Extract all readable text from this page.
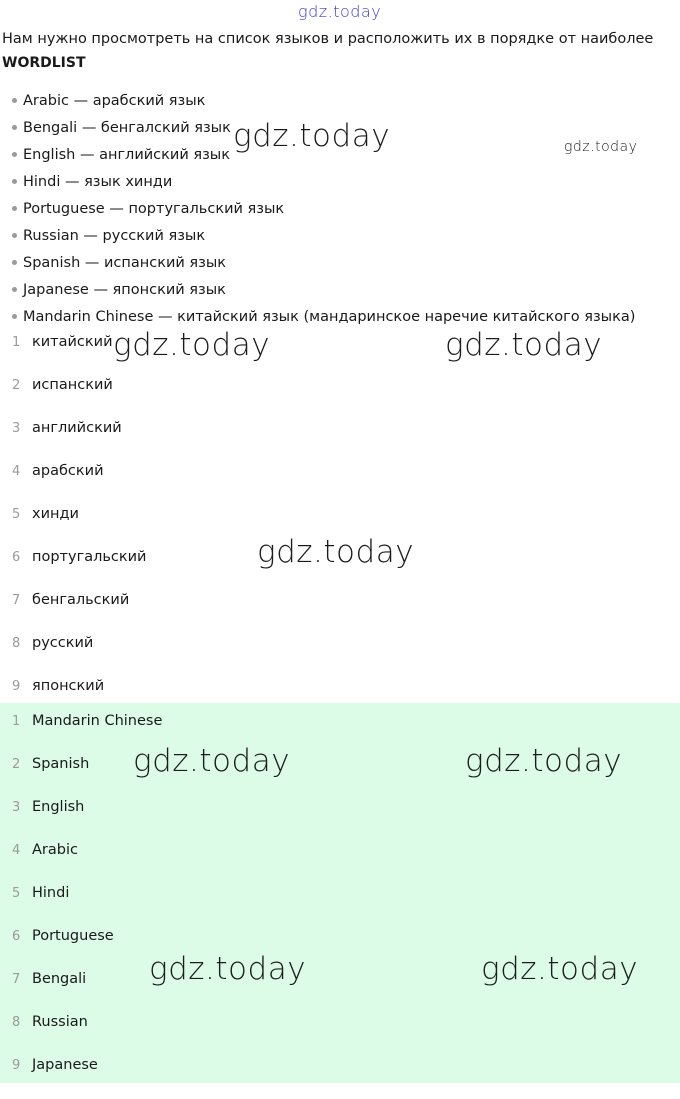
Нам нужно просмотреть на список языков и расположить их в порядке от наиболее
WORDLIST
Arabic — арабский язык
Bengali — бенгалский язык
English — английский язык
Hindi — язык хинди
Portuguese — португальский язык
Russian — русский язык
Spanish — испанский язык
Japanese — японский язык
Mandarin Chinese — китайский язык (мандаринское наречие китайского языка)
1 китайский
2 испанский
3 английский
4 арабский
5 хинди
6 португальский
7 бенгальский
8 русский
9 японский
1 Mandarin Chinese
2 Spanish
3 English
4 Arabic
5 Hindi
6 Portuguese
7 Bengali
8 Russian
9 Japanese
gdz.today
gdz.today	gdz.today
gdz.today	gdz.today
gdz.today
gdz.today	gdz.today
gdz.today	gdz.today
